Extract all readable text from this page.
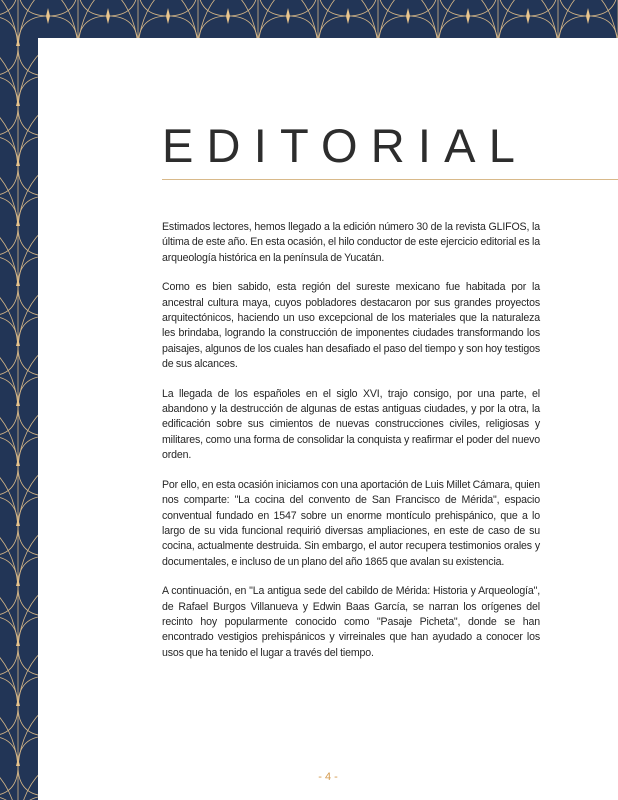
EDITORIAL

Estimados lectores, hemos llegado a la edición número 30 de la revista GLIFOS, la última de este año. En esta ocasión, el hilo conductor de este ejercicio editorial es la arqueología histórica en la península de Yucatán.

Como es bien sabido, esta región del sureste mexicano fue habitada por la ancestral cultura maya, cuyos pobladores destacaron por sus grandes proyectos arquitectónicos, haciendo un uso excepcional de los materiales que la naturaleza les brindaba, logrando la construcción de imponentes ciudades transformando los paisajes, algunos de los cuales han desafiado el paso del tiempo y son hoy testigos de sus alcances.

La llegada de los españoles en el siglo XVI, trajo consigo, por una parte, el abandono y la destrucción de algunas de estas antiguas ciudades, y por la otra, la edificación sobre sus cimientos de nuevas construcciones civiles, religiosas y militares, como una forma de consolidar la conquista y reafirmar el poder del nuevo orden.

Por ello, en esta ocasión iniciamos con una aportación de Luis Millet Cámara, quien nos comparte: "La cocina del convento de San Francisco de Mérida", espacio conventual fundado en 1547 sobre un enorme montículo prehispánico, que a lo largo de su vida funcional requirió diversas ampliaciones, en este de caso de su cocina, actualmente destruida. Sin embargo, el autor recupera testimonios orales y documentales, e incluso de un plano del año 1865 que avalan su existencia.

A continuación, en "La antigua sede del cabildo de Mérida: Historia y Arqueología", de Rafael Burgos Villanueva y Edwin Baas García, se narran los orígenes del recinto hoy popularmente conocido como "Pasaje Picheta", donde se han encontrado vestigios prehispánicos y virreinales que han ayudado a conocer los usos que ha tenido el lugar a través del tiempo.

- 4 -
